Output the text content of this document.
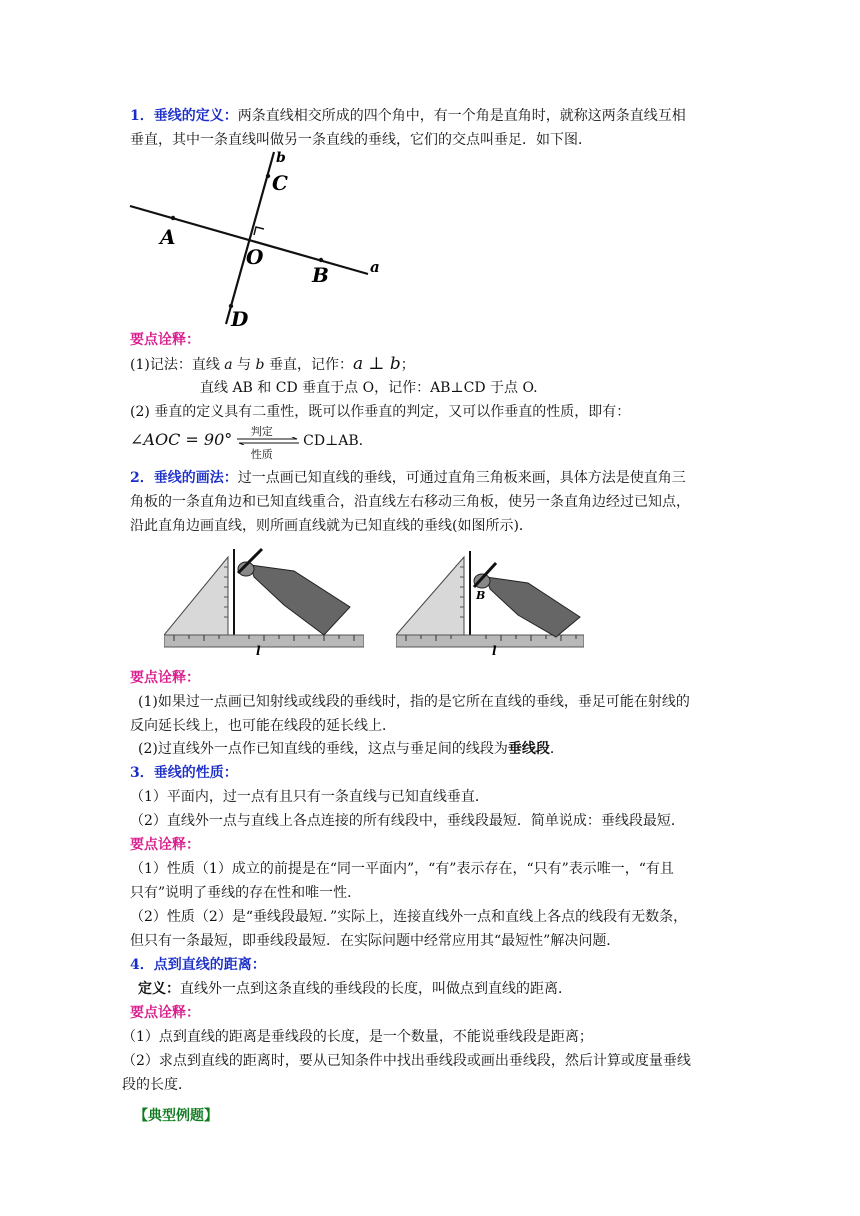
1．垂线的定义：两条直线相交所成的四个角中，有一个角是直角时，就称这两条直线互相
垂直，其中一条直线叫做另一条直线的垂线，它们的交点叫垂足．如下图．
b
C
A
O
B	a
D
要点诠释：
(1)记法：直线 a 与 b 垂直，记作：a ⊥ b；
直线 AB 和 CD 垂直于点 O，记作：AB⊥CD 于点 O.
(2) 垂直的定义具有二重性，既可以作垂直的判定，又可以作垂直的性质，即有：
∠AOC = 90° 判定
性质
CD⊥AB.
2．垂线的画法：过一点画已知直线的垂线，可通过直角三角板来画，具体方法是使直角三
角板的一条直角边和已知直线重合，沿直线左右移动三角板，使另一条直角边经过已知点，
沿此直角边画直线，则所画直线就为已知直线的垂线(如图所示)．
l
B
l
要点诠释：
(1)如果过一点画已知射线或线段的垂线时，指的是它所在直线的垂线，垂足可能在射线的
反向延长线上，也可能在线段的延长线上．
(2)过直线外一点作已知直线的垂线，这点与垂足间的线段为垂线段．
3．垂线的性质：
（1）平面内，过一点有且只有一条直线与已知直线垂直．
（2）直线外一点与直线上各点连接的所有线段中，垂线段最短．简单说成：垂线段最短．
要点诠释：
（1）性质（1）成立的前提是在“同一平面内”，“有”表示存在，“只有”表示唯一，“有且
只有”说明了垂线的存在性和唯一性．
（2）性质（2）是“垂线段最短．”实际上，连接直线外一点和直线上各点的线段有无数条，
但只有一条最短，即垂线段最短．在实际问题中经常应用其“最短性”解决问题．
4．点到直线的距离：
定义：直线外一点到这条直线的垂线段的长度，叫做点到直线的距离．
要点诠释：
（1）点到直线的距离是垂线段的长度，是一个数量，不能说垂线段是距离；
（2）求点到直线的距离时，要从已知条件中找出垂线段或画出垂线段，然后计算或度量垂线
段的长度．
【典型例题】
